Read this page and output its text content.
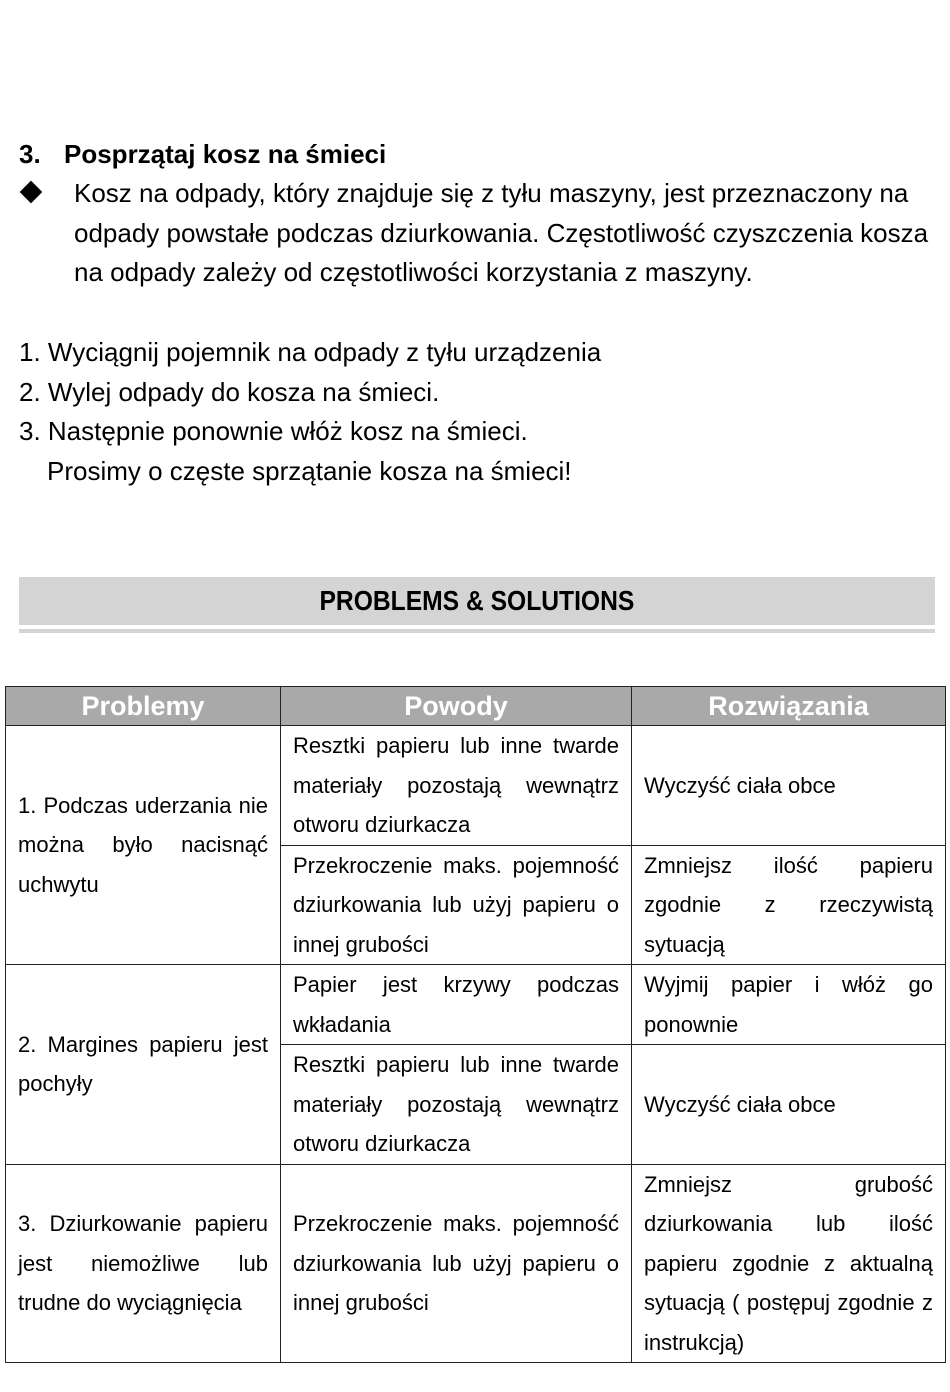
3. Posprzątaj kosz na śmieci
Kosz na odpady, który znajduje się z tyłu maszyny, jest przeznaczony na odpady powstałe podczas dziurkowania. Częstotliwość czyszczenia kosza na odpady zależy od częstotliwości korzystania z maszyny.
1. Wyciągnij pojemnik na odpady z tyłu urządzenia
2. Wylej odpady do kosza na śmieci.
3. Następnie ponownie włóż kosz na śmieci.
Prosimy o częste sprzątanie kosza na śmieci!
PROBLEMS & SOLUTIONS
Problemy	Powody	Rozwiązania
1. Podczas uderzania nie można było nacisnąć uchwytu	Resztki papieru lub inne twarde materiały pozostają wewnątrz otworu dziurkacza	Wyczyść ciała obce
	Przekroczenie maks. pojemność dziurkowania lub użyj papieru o innej grubości	Zmniejsz ilość papieru zgodnie z rzeczywistą sytuacją
2. Margines papieru jest pochyły	Papier jest krzywy podczas wkładania	Wyjmij papier i włóż go ponownie
	Resztki papieru lub inne twarde materiały pozostają wewnątrz otworu dziurkacza	Wyczyść ciała obce
3. Dziurkowanie papieru jest niemożliwe lub trudne do wyciągnięcia	Przekroczenie maks. pojemność dziurkowania lub użyj papieru o innej grubości	Zmniejsz grubość dziurkowania lub ilość papieru zgodnie z aktualną sytuacją ( postępuj zgodnie z instrukcją)
